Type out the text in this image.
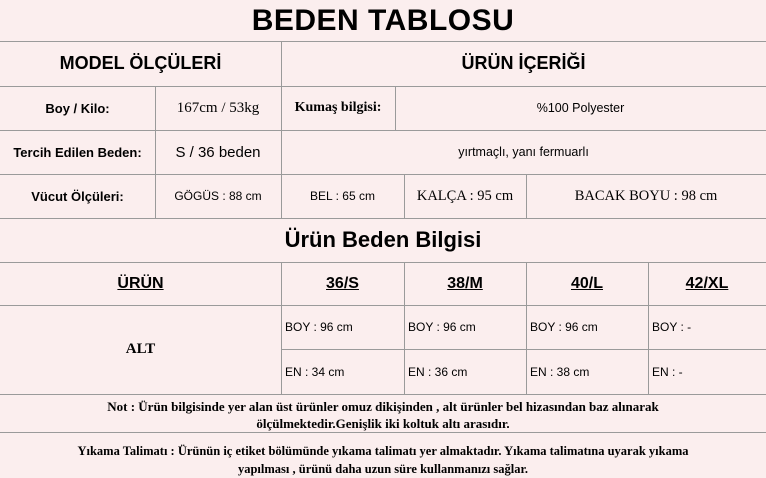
BEDEN TABLOSU
MODEL ÖLÇÜLERİ	ÜRÜN İÇERİĞİ
Boy / Kilo:	167cm / 53kg	Kumaş bilgisi:	%100 Polyester
Tercih Edilen Beden:	S / 36 beden	yırtmaçlı, yanı fermuarlı
Vücut Ölçüleri:	GÖGÜS : 88 cm	BEL : 65 cm	KALÇA : 95 cm	BACAK BOYU : 98 cm
Ürün Beden Bilgisi
ÜRÜN	36/S	38/M	40/L	42/XL
ALT
BOY : 96 cm	BOY : 96 cm	BOY : 96 cm	BOY : -
EN : 34 cm	EN : 36 cm	EN : 38 cm	EN : -
Not : Ürün bilgisinde yer alan üst ürünler omuz dikişinden , alt ürünler bel hizasından baz alınarak
ölçülmektedir.Genişlik iki koltuk altı arasıdır.
Yıkama Talimatı : Ürünün iç etiket bölümünde yıkama talimatı yer almaktadır. Yıkama talimatına uyarak yıkama
yapılması , ürünü daha uzun süre kullanmanızı sağlar.
